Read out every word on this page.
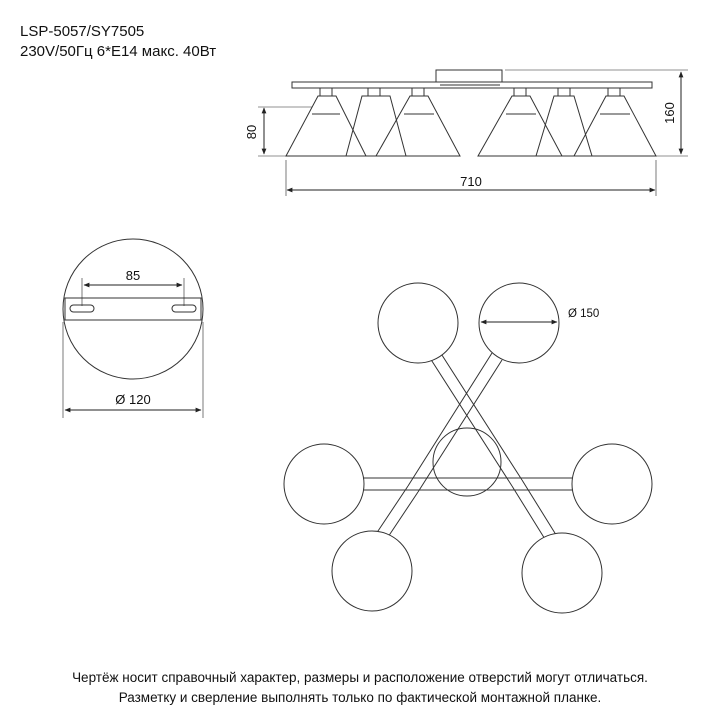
LSP-5057/SY7505
230V/50Гц 6*E14 макс. 40Вт
80
160
710
85
Ø 120
Ø 150
Чертёж носит справочный характер, размеры и расположение отверстий могут отличаться.
Разметку и сверление выполнять только по фактической монтажной планке.
